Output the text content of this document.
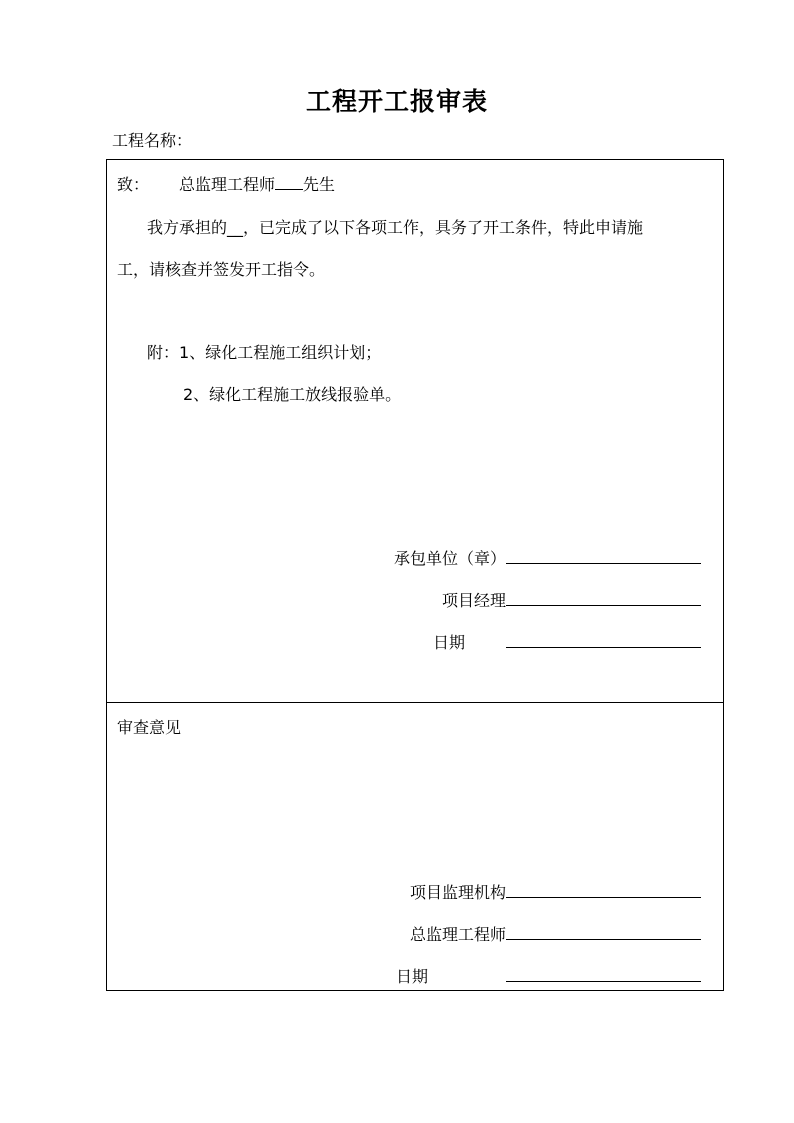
工程开工报审表
工程名称：
致： 总监理工程师 先生
我方承担的__，已完成了以下各项工作，具务了开工条件，特此申请施
工，请核查并签发开工指令。
附：1、绿化工程施工组织计划；
2、绿化工程施工放线报验单。
承包单位（章）
项目经理
日期
审查意见
项目监理机构
总监理工程师
日期
